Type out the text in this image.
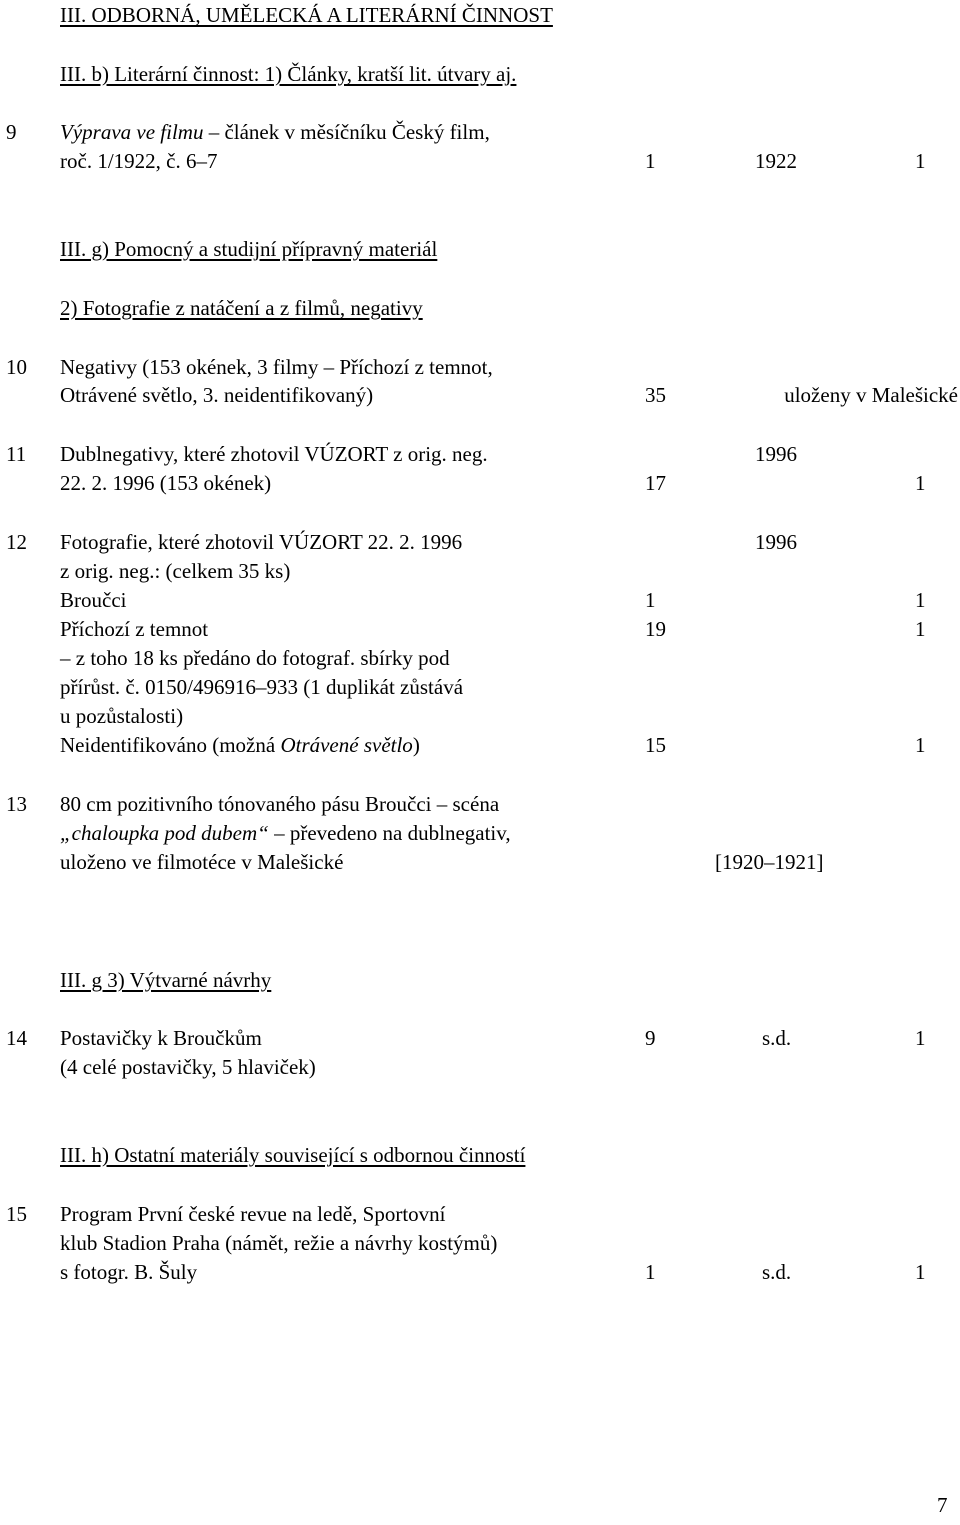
III. ODBORNÁ, UMĚLECKÁ A LITERÁRNÍ ČINNOST
III. b) Literární činnost: 1) Články, kratší lit. útvary aj.
9 Výprava ve filmu – článek v měsíčníku Český film,
roč. 1/1922, č. 6–7	1	1922	1
III. g) Pomocný a studijní přípravný materiál
2) Fotografie z natáčení a z filmů, negativy
10 Negativy (153 okének, 3 filmy – Příchozí z temnot,
Otrávené světlo, 3. neidentifikovaný)	35	uloženy v Malešické
11 Dublnegativy, které zhotovil VÚZORT z orig. neg.	1996
22. 2. 1996 (153 okének)	17	1
12 Fotografie, které zhotovil VÚZORT 22. 2. 1996	1996
z orig. neg.: (celkem 35 ks)
Broučci	1	1
Příchozí z temnot	19	1
– z toho 18 ks předáno do fotograf. sbírky pod
přírůst. č. 0150/496916–933 (1 duplikát zůstává
u pozůstalosti)
Neidentifikováno (možná Otrávené světlo)	15	1
13 80 cm pozitivního tónovaného pásu Broučci – scéna
„chaloupka pod dubem“ – převedeno na dublnegativ,
uloženo ve filmotéce v Malešické	[1920–1921]
III. g 3) Výtvarné návrhy
14 Postavičky k Broučkům	9	s.d.	1
(4 celé postavičky, 5 hlaviček)
III. h) Ostatní materiály související s odbornou činností
15 Program První české revue na ledě, Sportovní
klub Stadion Praha (námět, režie a návrhy kostýmů)
s fotogr. B. Šuly	1	s.d.	1
7
